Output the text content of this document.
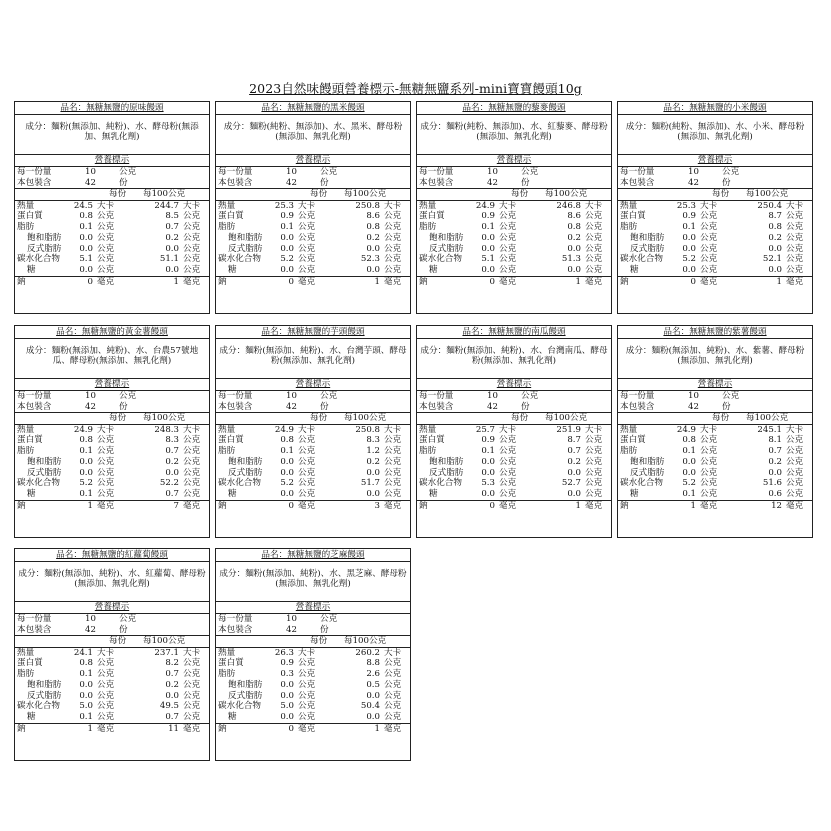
2023自然味饅頭營養標示-無糖無鹽系列-mini寶寶饅頭10g
品名：無糖無鹽的原味饅頭
成分：麵粉(無添加、純粉)、水、酵母粉(無添加、無乳化劑)
營養標示
每一份量	10	公克
本包裝含	42	份
每份 每100公克
熱量	24.5 大卡	244.7 大卡
蛋白質	0.8 公克	8.5 公克
脂肪	0.1 公克	0.7 公克
飽和脂肪 0.0 公克	0.2 公克
反式脂肪 0.0 公克	0.0 公克
碳水化合物 5.1 公克	51.1 公克
糖	0.0 公克	0.0 公克
鈉	0 毫克	1 毫克
品名：無糖無鹽的黑米饅頭
成分：麵粉(純粉、無添加)、水、黑米、酵母粉(無添加、無乳化劑)
營養標示
每一份量	10	公克
本包裝含	42	份
每份 每100公克
熱量	25.3 大卡	250.8 大卡
蛋白質	0.9 公克	8.6 公克
脂肪	0.1 公克	0.8 公克
飽和脂肪 0.0 公克	0.2 公克
反式脂肪 0.0 公克	0.0 公克
碳水化合物 5.2 公克	52.3 公克
糖	0.0 公克	0.0 公克
鈉	0 毫克	1 毫克
品名：無糖無鹽的藜麥饅頭
成分：麵粉(純粉、無添加)、水、紅藜麥、酵母粉(無添加、無乳化劑)
營養標示
每一份量	10	公克
本包裝含	42	份
每份 每100公克
熱量	24.9 大卡	246.8 大卡
蛋白質	0.9 公克	8.6 公克
脂肪	0.1 公克	0.8 公克
飽和脂肪 0.0 公克	0.2 公克
反式脂肪 0.0 公克	0.0 公克
碳水化合物 5.1 公克	51.3 公克
糖	0.0 公克	0.0 公克
鈉	0 毫克	1 毫克
品名：無糖無鹽的小米饅頭
成分：麵粉(純粉、無添加)、水、小米、酵母粉(無添加、無乳化劑)
營養標示
每一份量	10	公克
本包裝含	42	份
每份 每100公克
熱量	25.3 大卡	250.4 大卡
蛋白質	0.9 公克	8.7 公克
脂肪	0.1 公克	0.8 公克
飽和脂肪 0.0 公克	0.2 公克
反式脂肪 0.0 公克	0.0 公克
碳水化合物 5.2 公克	52.1 公克
糖	0.0 公克	0.0 公克
鈉	0 毫克	1 毫克
品名：無糖無鹽的黃金薯饅頭
成分：麵粉(無添加、純粉)、水、台農57號地瓜、酵母粉(無添加、無乳化劑)
營養標示
每一份量	10	公克
本包裝含	42	份
每份 每100公克
熱量	24.9 大卡	248.3 大卡
蛋白質	0.8 公克	8.3 公克
脂肪	0.1 公克	0.7 公克
飽和脂肪 0.0 公克	0.2 公克
反式脂肪 0.0 公克	0.0 公克
碳水化合物 5.2 公克	52.2 公克
糖	0.1 公克	0.7 公克
鈉	1 毫克	7 毫克
品名：無糖無鹽的芋頭饅頭
成分：麵粉(無添加、純粉)、水、台灣芋頭、酵母粉(無添加、無乳化劑)
營養標示
每一份量	10	公克
本包裝含	42	份
每份 每100公克
熱量	24.9 大卡	250.8 大卡
蛋白質	0.8 公克	8.3 公克
脂肪	0.1 公克	1.2 公克
飽和脂肪 0.0 公克	0.2 公克
反式脂肪 0.0 公克	0.0 公克
碳水化合物 5.2 公克	51.7 公克
糖	0.0 公克	0.0 公克
鈉	0 毫克	3 毫克
品名：無糖無鹽的南瓜饅頭
成分：麵粉(無添加、純粉)、水、台灣南瓜、酵母粉(無添加、無乳化劑)
營養標示
每一份量	10	公克
本包裝含	42	份
每份 每100公克
熱量	25.7 大卡	251.9 大卡
蛋白質	0.9 公克	8.7 公克
脂肪	0.1 公克	0.7 公克
飽和脂肪 0.0 公克	0.2 公克
反式脂肪 0.0 公克	0.0 公克
碳水化合物 5.3 公克	52.7 公克
糖	0.0 公克	0.0 公克
鈉	0 毫克	1 毫克
品名：無糖無鹽的紫薯饅頭
成分：麵粉(無添加、純粉)、水、紫薯、酵母粉(無添加、無乳化劑)
營養標示
每一份量	10	公克
本包裝含	42	份
每份 每100公克
熱量	24.9 大卡	245.1 大卡
蛋白質	0.8 公克	8.1 公克
脂肪	0.1 公克	0.7 公克
飽和脂肪 0.0 公克	0.2 公克
反式脂肪 0.0 公克	0.0 公克
碳水化合物 5.2 公克	51.6 公克
糖	0.1 公克	0.6 公克
鈉	1 毫克	12 毫克
品名：無糖無鹽的紅蘿蔔饅頭
成分：麵粉(無添加、純粉)、水、紅蘿蔔、酵母粉(無添加、無乳化劑)
營養標示
每一份量	10	公克
本包裝含	42	份
每份 每100公克
熱量	24.1 大卡	237.1 大卡
蛋白質	0.8 公克	8.2 公克
脂肪	0.1 公克	0.7 公克
飽和脂肪 0.0 公克	0.2 公克
反式脂肪 0.0 公克	0.0 公克
碳水化合物 5.0 公克	49.5 公克
糖	0.1 公克	0.7 公克
鈉	1 毫克	11 毫克
品名：無糖無鹽的芝麻饅頭
成分：麵粉(無添加、純粉)、水、黑芝麻、酵母粉(無添加、無乳化劑)
營養標示
每一份量	10	公克
本包裝含	42	份
每份 每100公克
熱量	26.3 大卡	260.2 大卡
蛋白質	0.9 公克	8.8 公克
脂肪	0.3 公克	2.6 公克
飽和脂肪 0.0 公克	0.5 公克
反式脂肪 0.0 公克	0.0 公克
碳水化合物 5.0 公克	50.4 公克
糖	0.0 公克	0.0 公克
鈉	0 毫克	1 毫克
